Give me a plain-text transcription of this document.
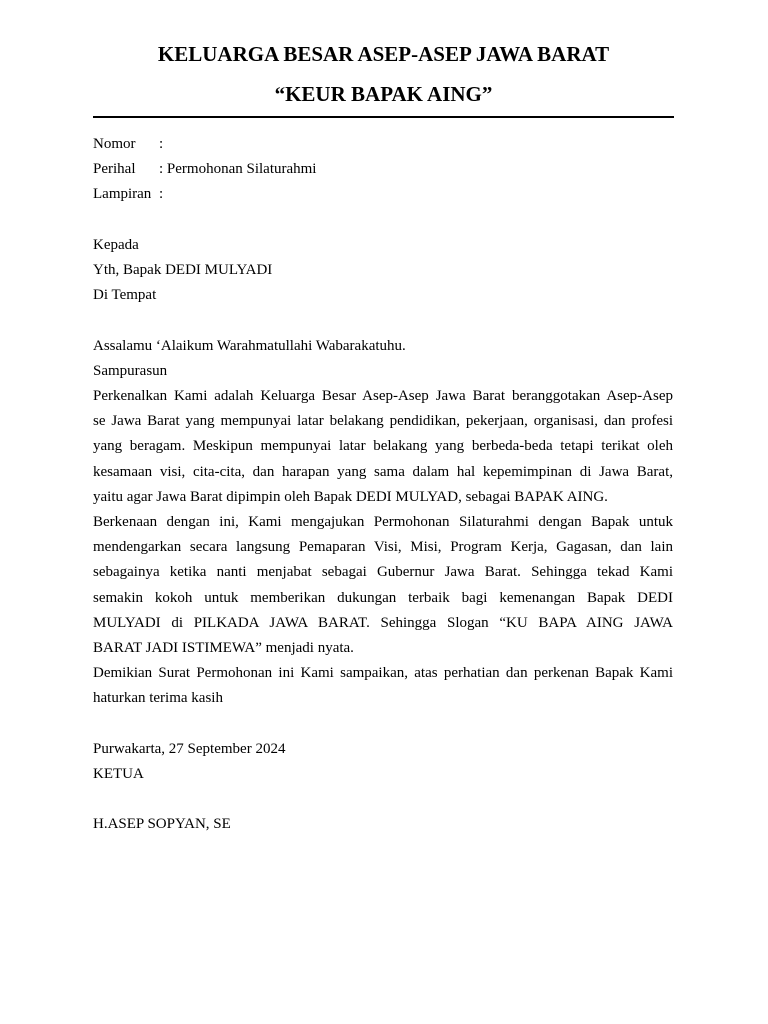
KELUARGA BESAR ASEP-ASEP JAWA BARAT
“KEUR BAPAK AING”
Nomor	:
Perihal	: Permohonan Silaturahmi
Lampiran :
Kepada
Yth, Bapak DEDI MULYADI
Di Tempat
Assalamu ‘Alaikum Warahmatullahi Wabarakatuhu.
Sampurasun
Perkenalkan Kami adalah Keluarga Besar Asep-Asep Jawa Barat beranggotakan Asep-Asep
se Jawa Barat yang mempunyai latar belakang pendidikan, pekerjaan, organisasi, dan profesi
yang beragam. Meskipun mempunyai latar belakang yang berbeda-beda tetapi terikat oleh
kesamaan visi, cita-cita, dan harapan yang sama dalam hal kepemimpinan di Jawa Barat,
yaitu agar Jawa Barat dipimpin oleh Bapak DEDI MULYAD, sebagai BAPAK AING.
Berkenaan dengan ini, Kami mengajukan Permohonan Silaturahmi dengan Bapak untuk
mendengarkan secara langsung Pemaparan Visi, Misi, Program Kerja, Gagasan, dan lain
sebagainya ketika nanti menjabat sebagai Gubernur Jawa Barat. Sehingga tekad Kami
semakin kokoh untuk memberikan dukungan terbaik bagi kemenangan Bapak DEDI
MULYADI di PILKADA JAWA BARAT. Sehingga Slogan “KU BAPA AING JAWA
BARAT JADI ISTIMEWA” menjadi nyata.
Demikian Surat Permohonan ini Kami sampaikan, atas perhatian dan perkenan Bapak Kami
haturkan terima kasih
Purwakarta, 27 September 2024
KETUA
H.ASEP SOPYAN, SE
